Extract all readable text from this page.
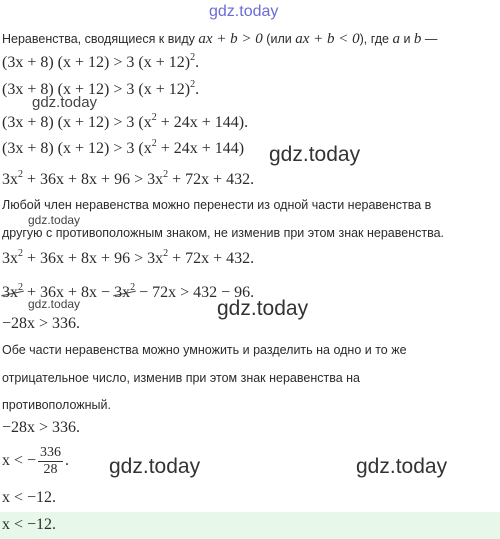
gdz.today
Неравенства, сводящиеся к виду ax + b > 0 (или ax + b < 0), где a и b —
(3x + 8) (x + 12) > 3 $(x + 12)^2$.
(3x + 8) (x + 12) > 3 $(x + 12)^2$.
gdz.today
(3x + 8) (x + 12) > 3 $(x^2 + 24x + 144)$.
(3x + 8) (x + 12) > 3 $(x^2 + 24x + 144)$ gdz.today
$3x^2 + 36x + 8x + 96 > 3x^2 + 72x + 432$.
Любой член неравенства можно перенести из одной части неравенства в
gdz.today
другую с противоположным знаком, не изменив при этом знак неравенства.
$3x^2 + 36x + 8x + 96 > 3x^2 + 72x + 432$.
$3x^2 + 36x + 8x - 3x^2 - 72x > 432 - 96$.
gdz.today	gdz.today
−28x > 336.
Обе части неравенства можно умножить и разделить на одно и то же
отрицательное число, изменив при этом знак неравенства на
противоположный.
−28x > 336.
x < − $\frac{336}{28}$ . gdz.today	gdz.today
x < −12.
x < −12.
